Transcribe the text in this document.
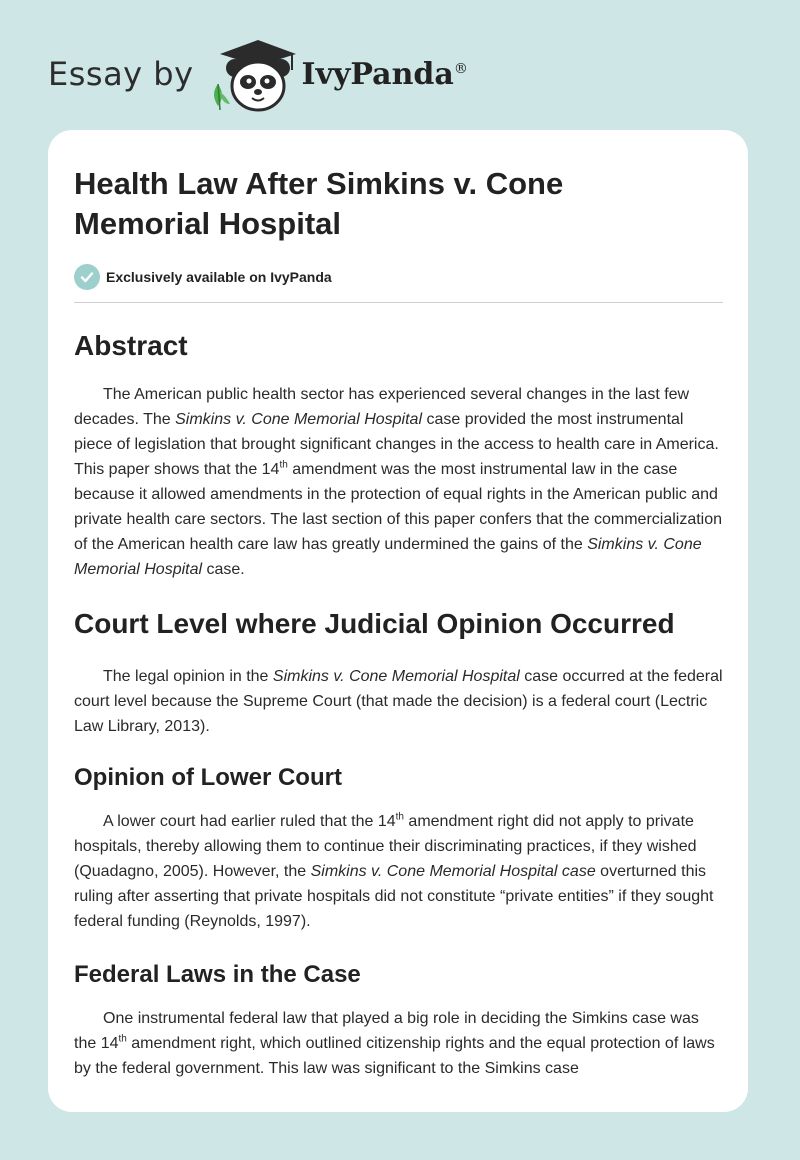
Essay by	IvyPanda®
Health Law After Simkins v. Cone Memorial Hospital
Exclusively available on IvyPanda
Abstract

The American public health sector has experienced several changes in the last few decades. The Simkins v. Cone Memorial Hospital case provided the most instrumental piece of legislation that brought significant changes in the access to health care in America. This paper shows that the 14th amendment was the most instrumental law in the case because it allowed amendments in the protection of equal rights in the American public and private health care sectors. The last section of this paper confers that the commercialization of the American health care law has greatly undermined the gains of the Simkins v. Cone Memorial Hospital case.

Court Level where Judicial Opinion Occurred

The legal opinion in the Simkins v. Cone Memorial Hospital case occurred at the federal court level because the Supreme Court (that made the decision) is a federal court (Lectric Law Library, 2013).

Opinion of Lower Court

A lower court had earlier ruled that the 14th amendment right did not apply to private hospitals, thereby allowing them to continue their discriminating practices, if they wished (Quadagno, 2005). However, the Simkins v. Cone Memorial Hospital case overturned this ruling after asserting that private hospitals did not constitute “private entities” if they sought federal funding (Reynolds, 1997).

Federal Laws in the Case

One instrumental federal law that played a big role in deciding the Simkins case was the 14th amendment right, which outlined citizenship rights and the equal protection of laws by the federal government. This law was significant to the Simkins case
